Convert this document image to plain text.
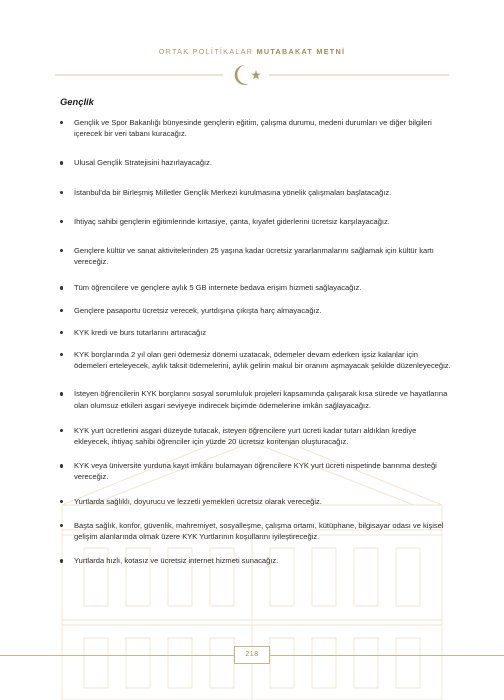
ORTAK POLİTİKALAR MUTABAKAT METNİ
Gençlik
Gençlik ve Spor Bakanlığı bünyesinde gençlerin eğitim, çalışma durumu, medeni durumları ve diğer bilgileri içerecek bir veri tabanı kuracağız.
Ulusal Gençlik Stratejisini hazırlayacağız.
İstanbul'da bir Birleşmiş Milletler Gençlik Merkezi kurulmasına yönelik çalışmaları başlatacağız.
İhtiyaç sahibi gençlerin eğitimlerinde kırtasiye, çanta, kıyafet giderlerini ücretsiz karşılayacağız.
Gençlere kültür ve sanat aktivitelerinden 25 yaşına kadar ücretsiz yararlanmalarını sağlamak için kültür kartı vereceğiz.
Tüm öğrencilere ve gençlere aylık 5 GB internete bedava erişim hizmeti sağlayacağız.
Gençlere pasaportu ücretsiz verecek, yurtdışına çıkışta harç almayacağız.
KYK kredi ve burs tutarlarını artıracağız
KYK borçlarında 2 yıl olan geri ödemesiz dönemi uzatacak, ödemeler devam ederken işsiz kalanlar için ödemeleri erteleyecek, aylık taksit ödemelerini, aylık gelirin makul bir oranını aşmayacak şekilde düzenleyeceğiz.
İsteyen öğrencilerin KYK borçlarını sosyal sorumluluk projeleri kapsamında çalışarak kısa sürede ve hayatlarına olan olumsuz etkileri asgari seviyeye indirecek biçimde ödemelerine imkân sağlayacağız.
KYK yurt ücretlerini asgari düzeyde tutacak, isteyen öğrencilere yurt ücreti kadar tutarı aldıkları krediye ekleyecek, ihtiyaç sahibi öğrenciler için yüzde 20 ücretsiz kontenjan oluşturacağız.
KYK veya üniversite yurduna kayıt imkânı bulamayan öğrencilere KYK yurt ücreti nispetinde barınma desteği vereceğiz.
Yurtlarda sağlıklı, doyurucu ve lezzetli yemekleri ücretsiz olarak vereceğiz.
Başta sağlık, konfor, güvenlik, mahremiyet, sosyalleşme, çalışma ortamı, kütüphane, bilgisayar odası ve kişisel gelişim alanlarında olmak üzere KYK Yurtlarının koşullarını iyileştireceğiz.
Yurtlarda hızlı, kotasız ve ücretsiz internet hizmeti sunacağız.
218
